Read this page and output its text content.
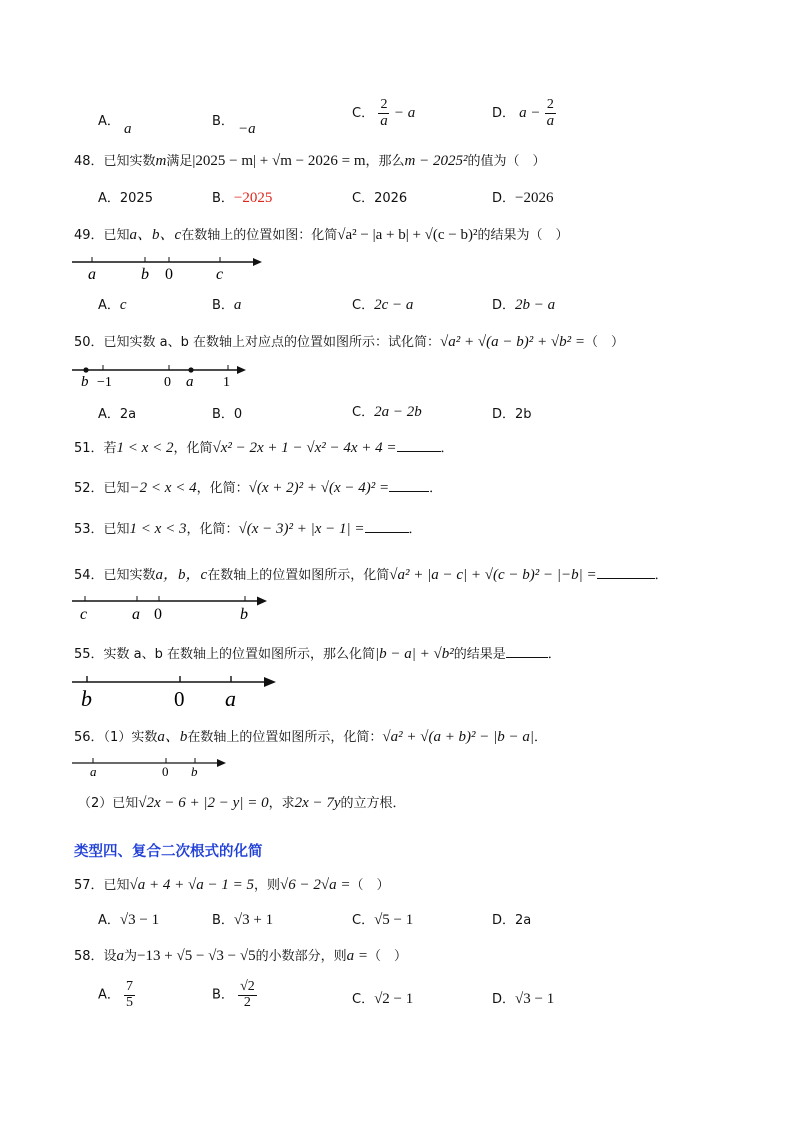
A． a	B． −a
C． $\frac{2}{a} - a$	D． $a - \frac{2}{a}$
48．已知实数m满足|2025 − m| + √m − 2026 = m，那么m − 2025²的值为（　）
A．2025	B．−2025	C．2026	D．−2026
49．已知a、b、c在数轴上的位置如图：化简√a² − |a + b| + √(c − b)²的结果为（　）
a	b 0	c
A．c	B．a	C．2c − a	D．2b − a
50．已知实数 a、b 在数轴上对应点的位置如图所示：试化简：√a² + √(a − b)² + √b² =（　）
b −1	0 a 1
A．2a	B．0	C．2a − 2b	D．2b
51．若1 < x < 2，化简√x² − 2x + 1 − √x² − 4x + 4 =	．
52．已知−2 < x < 4，化简：√(x + 2)² + √(x − 4)² =	．
53．已知1 < x < 3，化简：√(x − 3)² + |x − 1| =	．
54．已知实数a，b，c在数轴上的位置如图所示，化简√a² + |a − c| + √(c − b)² − |−b| =	．
c	a 0	b
55．实数 a、b 在数轴上的位置如图所示，那么化简|b − a| + √b²的结果是	．
b	0 a
56．（1）实数a、b在数轴上的位置如图所示，化简：√a² + √(a + b)² − |b − a|．
a	0 b
（2）已知√2x − 6 + |2 − y| = 0，求2x − 7y的立方根．
类型四、复合二次根式的化简
57．已知√a + 4 + √a − 1 = 5，则√6 − 2√a =（　）
A．√3 − 1	B．√3 + 1	C．√5 − 1	D．2a
58．设a为−13 + √5 − √3 − √5的小数部分，则a =（　）
A． $\frac{7}{5}$	B． $\frac{√2}{2}$	C．√2 − 1	D．√3 − 1
